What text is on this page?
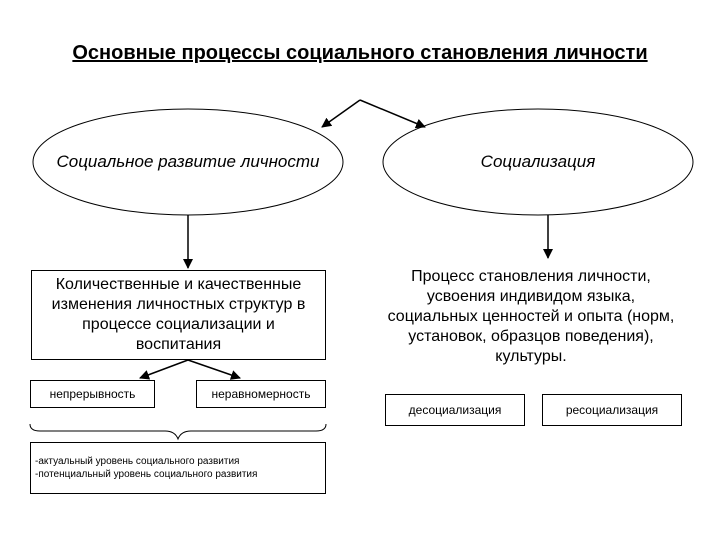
Основные процессы социального становления личности
Социальное развитие личности	Социализация
Количественные и качественные изменения личностных структур в процессе социализации и воспитания
Процесс становления личности, усвоения индивидом языка, социальных ценностей и опыта (норм, установок, образцов поведения), культуры.
непрерывность	неравномерность
десоциализация	ресоциализация
-актуальный уровень социального развития
-потенциальный уровень социального развития
